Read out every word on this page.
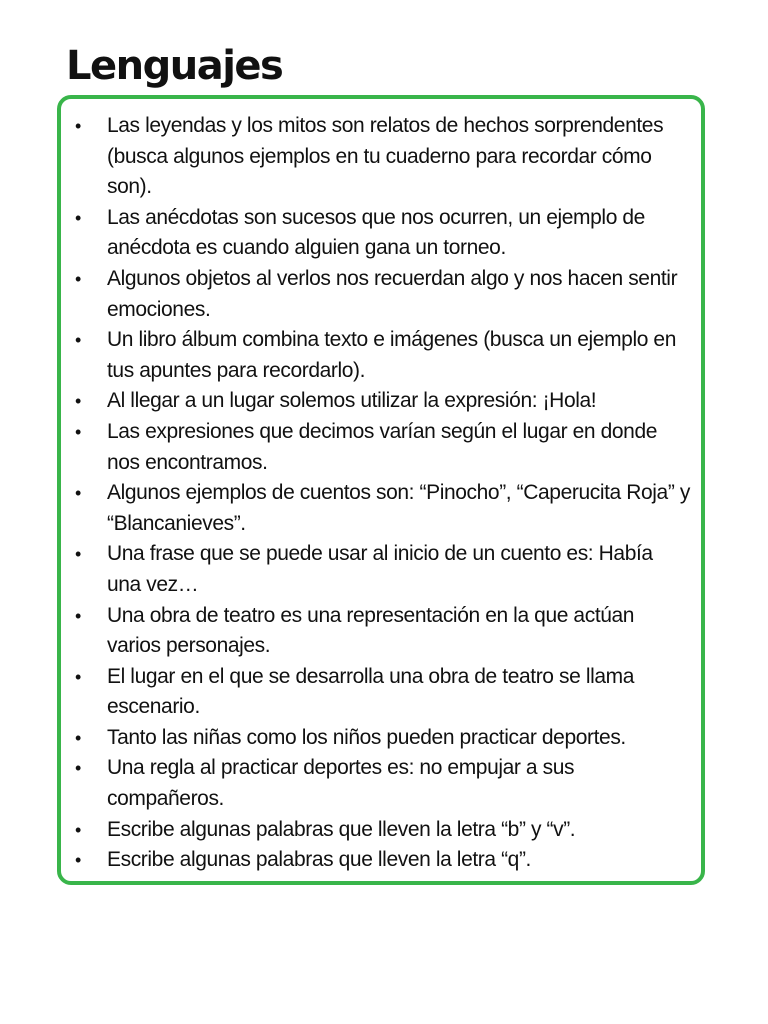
Lenguajes
• Las leyendas y los mitos son relatos de hechos sorprendentes (busca algunos ejemplos en tu cuaderno para recordar cómo son).
• Las anécdotas son sucesos que nos ocurren, un ejemplo de anécdota es cuando alguien gana un torneo.
• Algunos objetos al verlos nos recuerdan algo y nos hacen sentir emociones.
• Un libro álbum combina texto e imágenes (busca un ejemplo en tus apuntes para recordarlo).
• Al llegar a un lugar solemos utilizar la expresión: ¡Hola!
• Las expresiones que decimos varían según el lugar en donde nos encontramos.
• Algunos ejemplos de cuentos son: “Pinocho”, “Caperucita Roja” y “Blancanieves”.
• Una frase que se puede usar al inicio de un cuento es: Había una vez…
• Una obra de teatro es una representación en la que actúan varios personajes.
• El lugar en el que se desarrolla una obra de teatro se llama escenario.
• Tanto las niñas como los niños pueden practicar deportes.
• Una regla al practicar deportes es: no empujar a sus compañeros.
• Escribe algunas palabras que lleven la letra “b” y “v”.
• Escribe algunas palabras que lleven la letra “q”.
